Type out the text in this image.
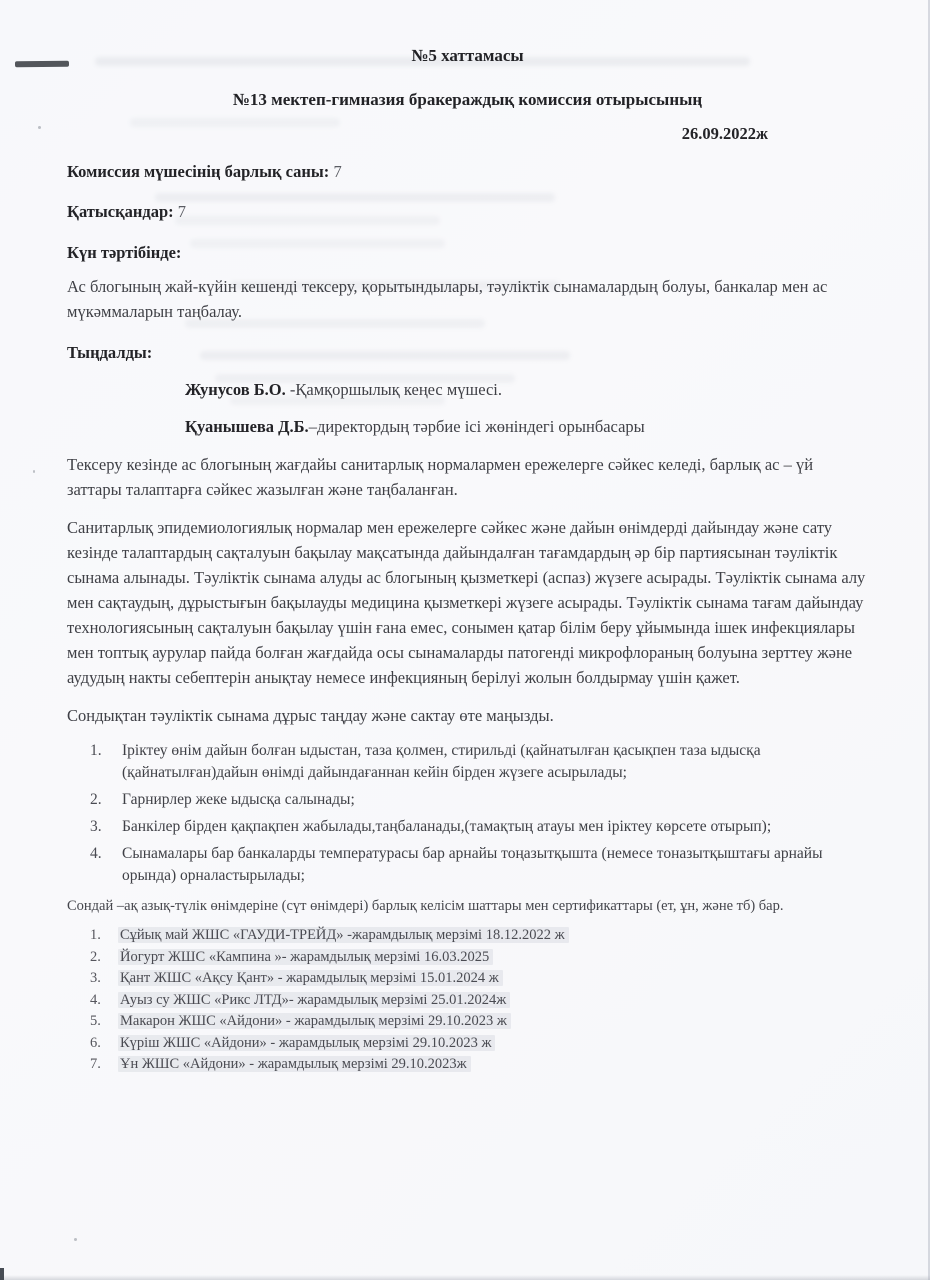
№5 хаттамасы
№13 мектеп-гимназия бракераждық комиссия отырысының
26.09.2022ж
Комиссия мүшесінің барлық саны: 7
Қатысқандар: 7
Күн тәртібінде:
Ас блогының жай-күйін кешенді тексеру, қорытындылары, тәуліктік сынамалардың болуы, банкалар мен ас мүкәммаларын таңбалау.
Тыңдалды:
Жунусов Б.О. -Қамқоршылық кеңес мүшесі.
Қуанышева Д.Б.–директордың тәрбие ісі жөніндегі орынбасары
Тексеру кезінде ас блогының жағдайы санитарлық нормалармен ережелерге сәйкес келеді, барлық ас – үй заттары талаптарға сәйкес жазылған және таңбаланған.
Санитарлық эпидемиологиялық нормалар мен ережелерге сәйкес және дайын өнімдерді дайындау және сату кезінде талаптардың сақталуын бақылау мақсатында дайындалған тағамдардың әр бір партиясынан тәуліктік сынама алынады. Тәуліктік сынама алуды ас блогының қызметкері (аспаз) жүзеге асырады. Тәуліктік сынама алу мен сақтаудың, дұрыстығын бақылауды медицина қызметкері жүзеге асырады. Тәуліктік сынама тағам дайындау технологиясының сақталуын бақылау үшін ғана емес, сонымен қатар білім беру ұйымында ішек инфекциялары мен топтық аурулар пайда болған жағдайда осы сынамаларды патогенді микрофлораның болуына зерттеу және аудудың накты себептерін анықтау немесе инфекцияның берілуі жолын болдырмау үшін қажет.
Сондықтан тәуліктік сынама дұрыс таңдау және сактау өте маңызды.
1.	Іріктеу өнім дайын болған ыдыстан, таза қолмен, стирильді (қайнатылған қасықпен таза ыдысқа (қайнатылған)дайын өнімді дайындағаннан кейін бірден жүзеге асырылады;
2.	Гарнирлер жеке ыдысқа салынады;
3.	Банкілер бірден қақпақпен жабылады,таңбаланады,(тамақтың атауы мен іріктеу көрсете отырып);
4.	Сынамалары бар банкаларды температурасы бар арнайы тоңазытқышта (немесе тоназытқыштағы арнайы орында) орналастырылады;
Сондай –ақ азық-түлік өнімдеріне (сүт өнімдері) барлық келісім шаттары мен сертификаттары (ет, ұн, және тб) бар.
1.	Сұйық май ЖШС «ГАУДИ-ТРЕЙД» -жарамдылық мерзімі 18.12.2022 ж
2.	Йогурт ЖШС «Кампина »- жарамдылық мерзімі 16.03.2025
3.	Қант ЖШС «Ақсу Қант» - жарамдылық мерзімі 15.01.2024 ж
4.	Ауыз су ЖШС «Рикс ЛТД»- жарамдылық мерзімі 25.01.2024ж
5.	Макарон ЖШС «Айдони» - жарамдылық мерзімі 29.10.2023 ж
6.	Күріш ЖШС «Айдони» - жарамдылық мерзімі 29.10.2023 ж
7.	Ұн ЖШС «Айдони» - жарамдылық мерзімі 29.10.2023ж
